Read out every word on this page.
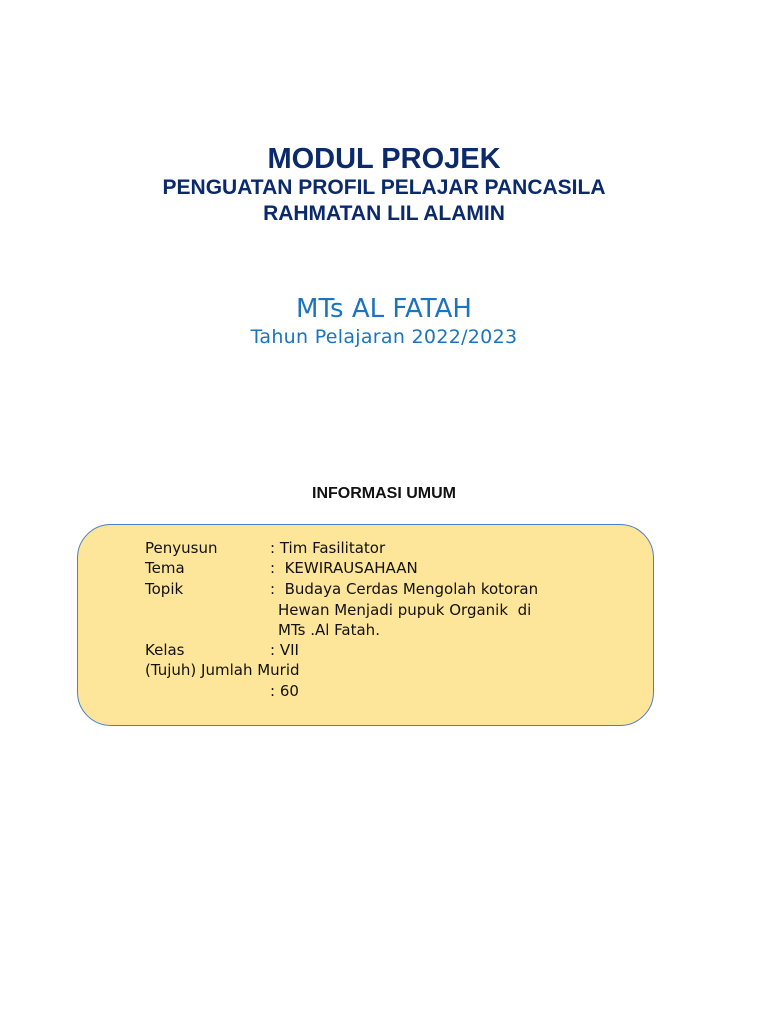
MODUL PROJEK
PENGUATAN PROFIL PELAJAR PANCASILA
RAHMATAN LIL ALAMIN
MTs AL FATAH
Tahun Pelajaran 2022/2023
INFORMASI UMUM
Penyusun	: Tim Fasilitator
Tema	:  KEWIRAUSAHAAN
Topik	:  Budaya Cerdas Mengolah kotoran
Hewan Menjadi pupuk Organik  di
MTs .Al Fatah.
Kelas	: VII
(Tujuh) Jumlah Murid
: 60
